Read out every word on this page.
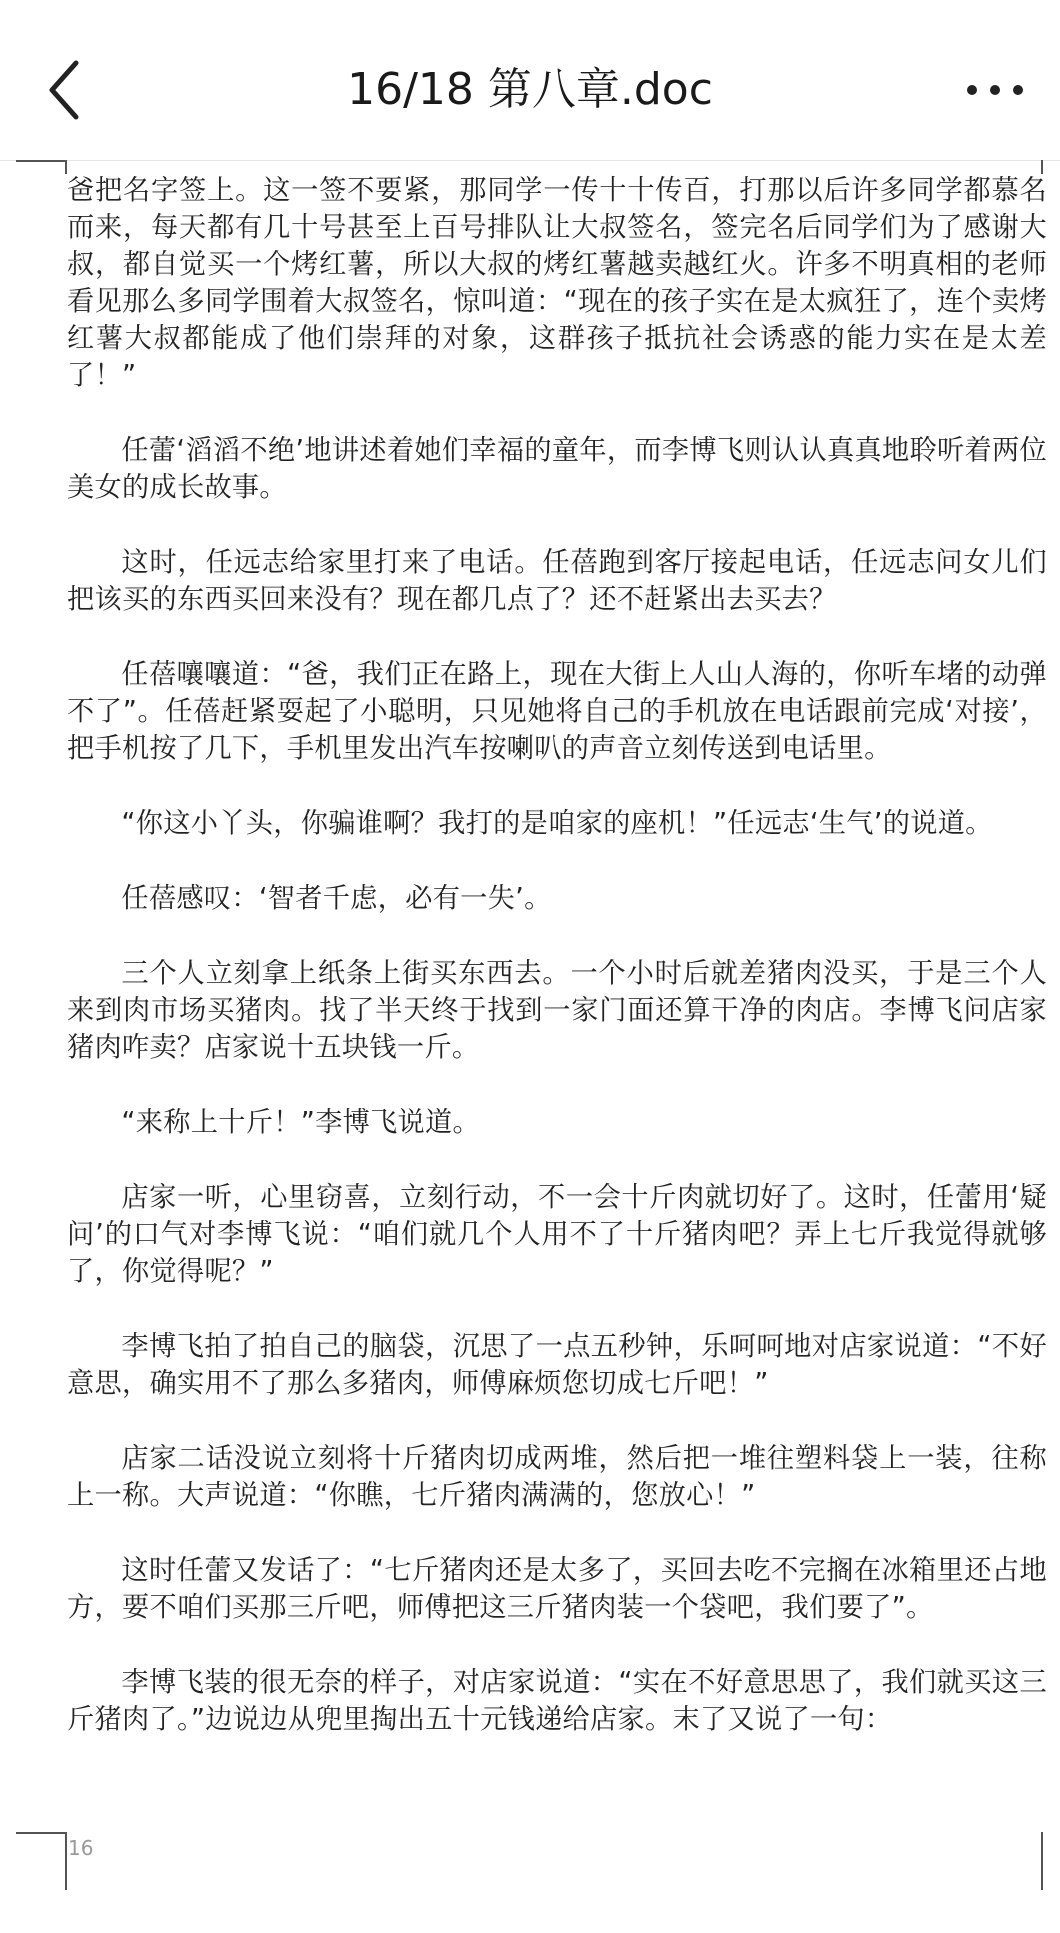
16/18 第八章.doc

爸把名字签上。这一签不要紧，那同学一传十十传百，打那以后许多同学都慕名而来，每天都有几十号甚至上百号排队让大叔签名，签完名后同学们为了感谢大叔，都自觉买一个烤红薯，所以大叔的烤红薯越卖越红火。许多不明真相的老师看见那么多同学围着大叔签名，惊叫道：“现在的孩子实在是太疯狂了，连个卖烤红薯大叔都能成了他们崇拜的对象，这群孩子抵抗社会诱惑的能力实在是太差了！”

任蕾‘滔滔不绝’地讲述着她们幸福的童年，而李博飞则认认真真地聆听着两位美女的成长故事。

这时，任远志给家里打来了电话。任蓓跑到客厅接起电话，任远志问女儿们把该买的东西买回来没有？现在都几点了？还不赶紧出去买去？

任蓓嚷嚷道：“爸，我们正在路上，现在大街上人山人海的，你听车堵的动弹不了”。任蓓赶紧耍起了小聪明，只见她将自己的手机放在电话跟前完成‘对接’，把手机按了几下，手机里发出汽车按喇叭的声音立刻传送到电话里。

“你这小丫头，你骗谁啊？我打的是咱家的座机！”任远志‘生气’的说道。

任蓓感叹：‘智者千虑，必有一失’。

三个人立刻拿上纸条上街买东西去。一个小时后就差猪肉没买，于是三个人来到肉市场买猪肉。找了半天终于找到一家门面还算干净的肉店。李博飞问店家猪肉咋卖？店家说十五块钱一斤。

“来称上十斤！”李博飞说道。

店家一听，心里窃喜，立刻行动，不一会十斤肉就切好了。这时，任蕾用‘疑问’的口气对李博飞说：“咱们就几个人用不了十斤猪肉吧？弄上七斤我觉得就够了，你觉得呢？”

李博飞拍了拍自己的脑袋，沉思了一点五秒钟，乐呵呵地对店家说道：“不好意思，确实用不了那么多猪肉，师傅麻烦您切成七斤吧！”

店家二话没说立刻将十斤猪肉切成两堆，然后把一堆往塑料袋上一装，往称上一称。大声说道：“你瞧，七斤猪肉满满的，您放心！”

这时任蕾又发话了：“七斤猪肉还是太多了，买回去吃不完搁在冰箱里还占地方，要不咱们买那三斤吧，师傅把这三斤猪肉装一个袋吧，我们要了”。

李博飞装的很无奈的样子，对店家说道：“实在不好意思思了，我们就买这三斤猪肉了。”边说边从兜里掏出五十元钱递给店家。末了又说了一句：

16
